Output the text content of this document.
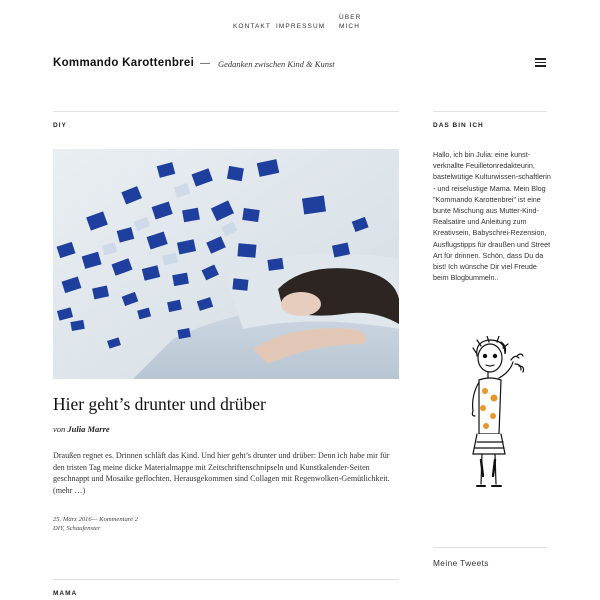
KONTAKT IMPRESSUM
ÜBER MICH
Kommando Karottenbrei — Gedanken zwischen Kind & Kunst
DIY
Hier geht’s drunter und drüber
von Julia Marre

Draußen regnet es. Drinnen schläft das Kind. Und hier geht’s drunter und drüber: Denn ich habe mir für den tristen Tag meine dicke Materialmappe mit Zeitschriftenschnipseln und Kunstkalender-Seiten geschnappt und Mosaike geflochten. Herausgekommen sind Collagen mit Regenwolken-Gemütlichkeit. (mehr …)

25. März 2016— Kommentare 2
DIY, Schaufenster
MAMA
DAS BIN ICH

Hallo, ich bin Julia: eine kunst-verknallte Feuilletonredakteurin, bastelwütige Kulturwissen-schaftlerin - und reiselustige Mama. Mein Blog "Kommando Karottenbrei" ist eine bunte Mischung aus Mutter-Kind-Realsatire und Anleitung zum Kreativsein, Babyschrei-Rezension, Ausflugstipps für draußen und Street Art für drinnen. Schön, dass Du da bist! Ich wünsche Dir viel Freude beim Blogbummeln..

Meine Tweets
